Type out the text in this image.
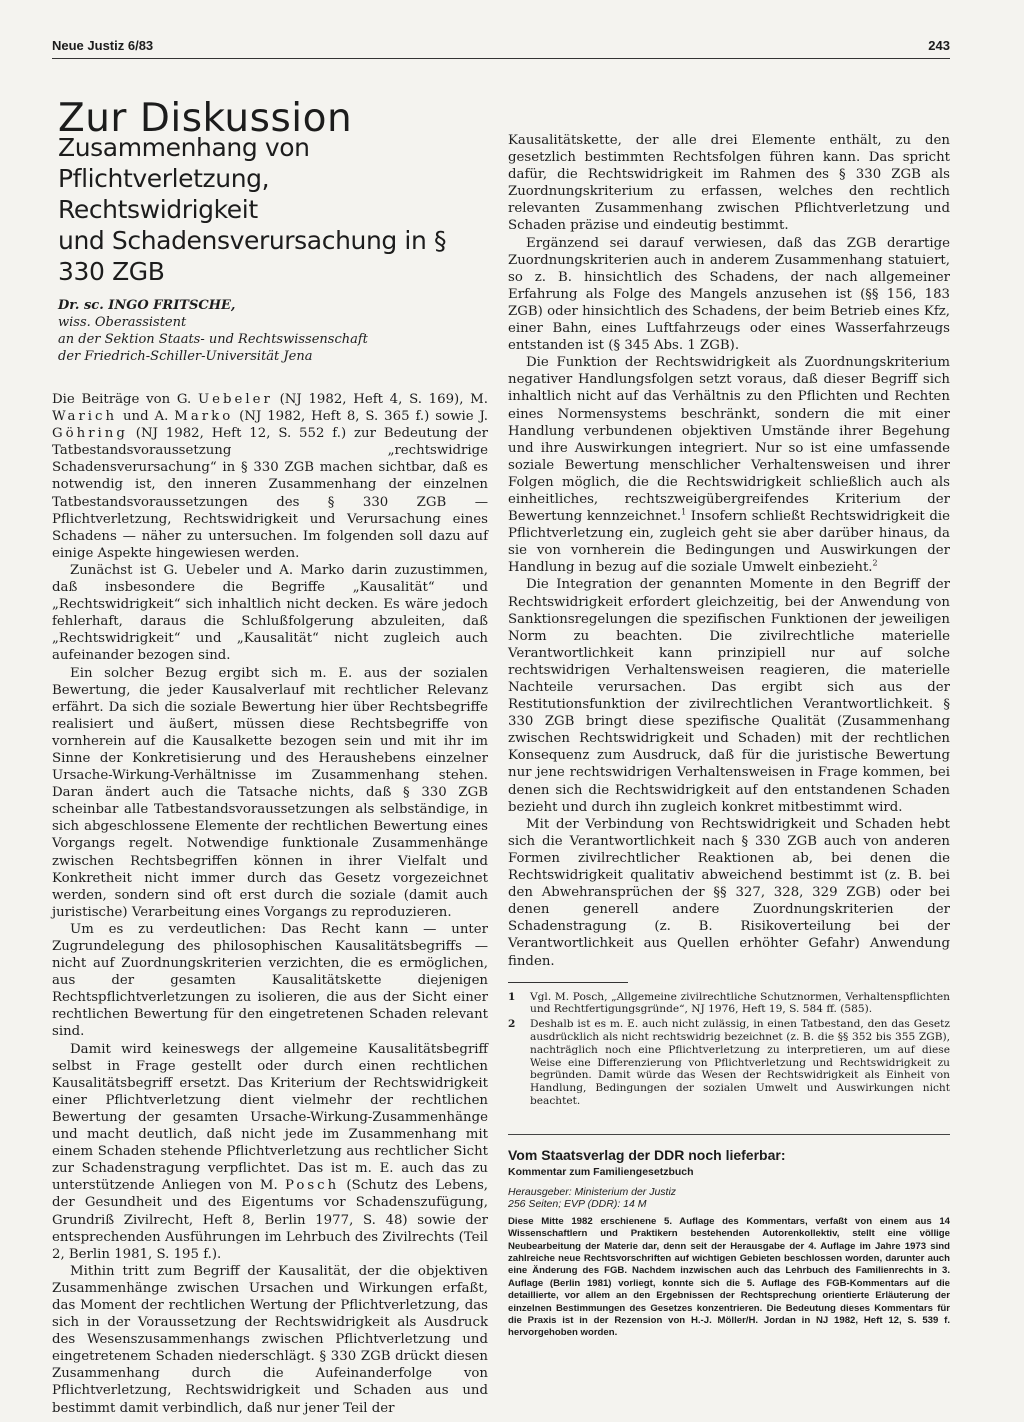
Neue Justiz 6/83	243
Zur Diskussion
Zusammenhang von Pflichtverletzung,
Rechtswidrigkeit
und Schadensverursachung in § 330 ZGB
Dr. sc. INGO FRITSCHE,
wiss. Oberassistent
an der Sektion Staats- und Rechtswissenschaft
der Friedrich-Schiller-Universität Jena

Die Beiträge von G. Uebeler (NJ 1982, Heft 4, S. 169), M. Warich und A. Marko (NJ 1982, Heft 8, S. 365 f.) sowie J. Göhring (NJ 1982, Heft 12, S. 552 f.) zur Bedeutung der Tatbestandsvoraussetzung „rechtswidrige Schadensverursachung“ in § 330 ZGB machen sichtbar, daß es notwendig ist, den inneren Zusammenhang der einzelnen Tatbestandsvoraussetzungen des § 330 ZGB — Pflichtverletzung, Rechtswidrigkeit und Verursachung eines Schadens — näher zu untersuchen. Im folgenden soll dazu auf einige Aspekte hingewiesen werden.

Zunächst ist G. Uebeler und A. Marko darin zuzustimmen, daß insbesondere die Begriffe „Kausalität“ und „Rechtswidrigkeit“ sich inhaltlich nicht decken. Es wäre jedoch fehlerhaft, daraus die Schlußfolgerung abzuleiten, daß „Rechtswidrigkeit“ und „Kausalität“ nicht zugleich auch aufeinander bezogen sind.

Ein solcher Bezug ergibt sich m. E. aus der sozialen Bewertung, die jeder Kausalverlauf mit rechtlicher Relevanz erfährt. Da sich die soziale Bewertung hier über Rechtsbegriffe realisiert und äußert, müssen diese Rechtsbegriffe von vornherein auf die Kausalkette bezogen sein und mit ihr im Sinne der Konkretisierung und des Heraushebens einzelner Ursache-Wirkung-Verhältnisse im Zusammenhang stehen. Daran ändert auch die Tatsache nichts, daß § 330 ZGB scheinbar alle Tatbestandsvoraussetzungen als selbständige, in sich abgeschlossene Elemente der rechtlichen Bewertung eines Vorgangs regelt. Notwendige funktionale Zusammenhänge zwischen Rechtsbegriffen können in ihrer Vielfalt und Konkretheit nicht immer durch das Gesetz vorgezeichnet werden, sondern sind oft erst durch die soziale (damit auch juristische) Verarbeitung eines Vorgangs zu reproduzieren.

Um es zu verdeutlichen: Das Recht kann — unter Zugrundelegung des philosophischen Kausalitätsbegriffs — nicht auf Zuordnungskriterien verzichten, die es ermöglichen, aus der gesamten Kausalitätskette diejenigen Rechtspflichtverletzungen zu isolieren, die aus der Sicht einer rechtlichen Bewertung für den eingetretenen Schaden relevant sind.

Damit wird keineswegs der allgemeine Kausalitätsbegriff selbst in Frage gestellt oder durch einen rechtlichen Kausalitätsbegriff ersetzt. Das Kriterium der Rechtswidrigkeit einer Pflichtverletzung dient vielmehr der rechtlichen Bewertung der gesamten Ursache-Wirkung-Zusammenhänge und macht deutlich, daß nicht jede im Zusammenhang mit einem Schaden stehende Pflichtverletzung aus rechtlicher Sicht zur Schadenstragung verpflichtet. Das ist m. E. auch das zu unterstützende Anliegen von M. Posch (Schutz des Lebens, der Gesundheit und des Eigentums vor Schadenszufügung, Grundriß Zivilrecht, Heft 8, Berlin 1977, S. 48) sowie der entsprechenden Ausführungen im Lehrbuch des Zivilrechts (Teil 2, Berlin 1981, S. 195 f.).

Mithin tritt zum Begriff der Kausalität, der die objektiven Zusammenhänge zwischen Ursachen und Wirkungen erfaßt, das Moment der rechtlichen Wertung der Pflichtverletzung, das sich in der Voraussetzung der Rechtswidrigkeit als Ausdruck des Wesenszusammenhangs zwischen Pflichtverletzung und eingetretenem Schaden niederschlägt. § 330 ZGB drückt diesen Zusammenhang durch die Aufeinanderfolge von Pflichtverletzung, Rechtswidrigkeit und Schaden aus und bestimmt damit verbindlich, daß nur jener Teil der

Kausalitätskette, der alle drei Elemente enthält, zu den gesetzlich bestimmten Rechtsfolgen führen kann. Das spricht dafür, die Rechtswidrigkeit im Rahmen des § 330 ZGB als Zuordnungskriterium zu erfassen, welches den rechtlich relevanten Zusammenhang zwischen Pflichtverletzung und Schaden präzise und eindeutig bestimmt.

Ergänzend sei darauf verwiesen, daß das ZGB derartige Zuordnungskriterien auch in anderem Zusammenhang statuiert, so z. B. hinsichtlich des Schadens, der nach allgemeiner Erfahrung als Folge des Mangels anzusehen ist (§§ 156, 183 ZGB) oder hinsichtlich des Schadens, der beim Betrieb eines Kfz, einer Bahn, eines Luftfahrzeugs oder eines Wasserfahrzeugs entstanden ist (§ 345 Abs. 1 ZGB).

Die Funktion der Rechtswidrigkeit als Zuordnungskriterium negativer Handlungsfolgen setzt voraus, daß dieser Begriff sich inhaltlich nicht auf das Verhältnis zu den Pflichten und Rechten eines Normensystems beschränkt, sondern die mit einer Handlung verbundenen objektiven Umstände ihrer Begehung und ihre Auswirkungen integriert. Nur so ist eine umfassende soziale Bewertung menschlicher Verhaltensweisen und ihrer Folgen möglich, die die Rechtswidrigkeit schließlich auch als einheitliches, rechtszweigübergreifendes Kriterium der Bewertung kennzeichnet.$^1$ Insofern schließt Rechtswidrigkeit die Pflichtverletzung ein, zugleich geht sie aber darüber hinaus, da sie von vornherein die Bedingungen und Auswirkungen der Handlung in bezug auf die soziale Umwelt einbezieht.$^2$

Die Integration der genannten Momente in den Begriff der Rechtswidrigkeit erfordert gleichzeitig, bei der Anwendung von Sanktionsregelungen die spezifischen Funktionen der jeweiligen Norm zu beachten. Die zivilrechtliche materielle Verantwortlichkeit kann prinzipiell nur auf solche rechtswidrigen Verhaltensweisen reagieren, die materielle Nachteile verursachen. Das ergibt sich aus der Restitutionsfunktion der zivilrechtlichen Verantwortlichkeit. § 330 ZGB bringt diese spezifische Qualität (Zusammenhang zwischen Rechtswidrigkeit und Schaden) mit der rechtlichen Konsequenz zum Ausdruck, daß für die juristische Bewertung nur jene rechtswidrigen Verhaltensweisen in Frage kommen, bei denen sich die Rechtswidrigkeit auf den entstandenen Schaden bezieht und durch ihn zugleich konkret mitbestimmt wird.

Mit der Verbindung von Rechtswidrigkeit und Schaden hebt sich die Verantwortlichkeit nach § 330 ZGB auch von anderen Formen zivilrechtlicher Reaktionen ab, bei denen die Rechtswidrigkeit qualitativ abweichend bestimmt ist (z. B. bei den Abwehransprüchen der §§ 327, 328, 329 ZGB) oder bei denen generell andere Zuordnungskriterien der Schadenstragung (z. B. Risikoverteilung bei der Verantwortlichkeit aus Quellen erhöhter Gefahr) Anwendung finden.

1	Vgl. M. Posch, „Allgemeine zivilrechtliche Schutznormen, Verhaltenspflichten und Rechtfertigungsgründe“, NJ 1976, Heft 19, S. 584 ff. (585).
2	Deshalb ist es m. E. auch nicht zulässig, in einen Tatbestand, den das Gesetz ausdrücklich als nicht rechtswidrig bezeichnet (z. B. die §§ 352 bis 355 ZGB), nachträglich noch eine Pflichtverletzung zu interpretieren, um auf diese Weise eine Differenzierung von Pflichtverletzung und Rechtswidrigkeit zu begründen. Damit würde das Wesen der Rechtswidrigkeit als Einheit von Handlung, Bedingungen der sozialen Umwelt und Auswirkungen nicht beachtet.

Vom Staatsverlag der DDR noch lieferbar:

Kommentar zum Familiengesetzbuch

Herausgeber: Ministerium der Justiz
256 Seiten; EVP (DDR): 14 M

Diese Mitte 1982 erschienene 5. Auflage des Kommentars, verfaßt von einem aus 14 Wissenschaftlern und Praktikern bestehenden Autorenkollektiv, stellt eine völlige Neubearbeitung der Materie dar, denn seit der Herausgabe der 4. Auflage im Jahre 1973 sind zahlreiche neue Rechtsvorschriften auf wichtigen Gebieten beschlossen worden, darunter auch eine Änderung des FGB. Nachdem inzwischen auch das Lehrbuch des Familienrechts in 3. Auflage (Berlin 1981) vorliegt, konnte sich die 5. Auflage des FGB-Kommentars auf die detaillierte, vor allem an den Ergebnissen der Rechtsprechung orientierte Erläuterung der einzelnen Bestimmungen des Gesetzes konzentrieren. Die Bedeutung dieses Kommentars für die Praxis ist in der Rezension von H.-J. Möller/H. Jordan in NJ 1982, Heft 12, S. 539 f. hervorgehoben worden.
